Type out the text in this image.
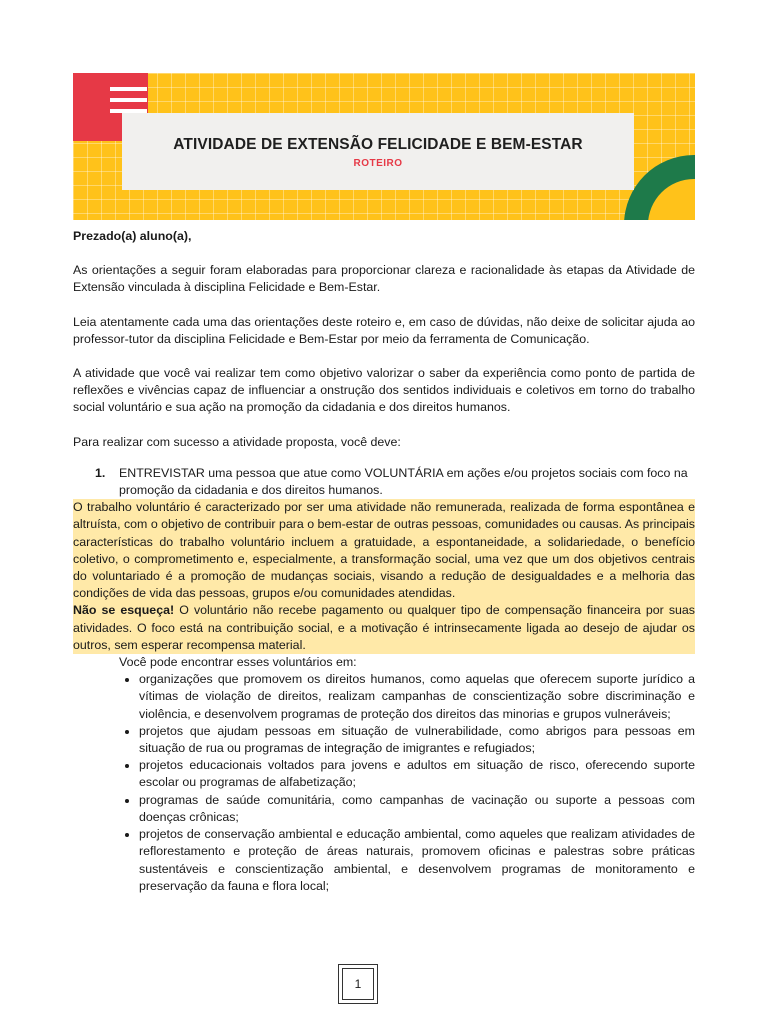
ATIVIDADE DE EXTENSÃO FELICIDADE E BEM-ESTAR
ROTEIRO

Prezado(a) aluno(a),

As orientações a seguir foram elaboradas para proporcionar clareza e racionalidade às etapas da Atividade de Extensão vinculada à disciplina Felicidade e Bem-Estar.

Leia atentamente cada uma das orientações deste roteiro e, em caso de dúvidas, não deixe de solicitar ajuda ao professor-tutor da disciplina Felicidade e Bem-Estar por meio da ferramenta de Comunicação.

A atividade que você vai realizar tem como objetivo valorizar o saber da experiência como ponto de partida de reflexões e vivências capaz de influenciar a onstrução dos sentidos individuais e coletivos em torno do trabalho social voluntário e sua ação na promoção da cidadania e dos direitos humanos.

Para realizar com sucesso a atividade proposta, você deve:

1.	ENTREVISTAR uma pessoa que atue como VOLUNTÁRIA em ações e/ou projetos sociais com foco na promoção da cidadania e dos direitos humanos.

O trabalho voluntário é caracterizado por ser uma atividade não remunerada, realizada de forma espontânea e altruísta, com o objetivo de contribuir para o bem-estar de outras pessoas, comunidades ou causas. As principais características do trabalho voluntário incluem a gratuidade, a espontaneidade, a solidariedade, o benefício coletivo, o comprometimento e, especialmente, a transformação social, uma vez que um dos objetivos centrais do voluntariado é a promoção de mudanças sociais, visando a redução de desigualdades e a melhoria das condições de vida das pessoas, grupos e/ou comunidades atendidas.

Não se esqueça! O voluntário não recebe pagamento ou qualquer tipo de compensação financeira por suas atividades. O foco está na contribuição social, e a motivação é intrinsecamente ligada ao desejo de ajudar os outros, sem esperar recompensa material.

Você pode encontrar esses voluntários em:

• organizações que promovem os direitos humanos, como aquelas que oferecem suporte jurídico a vítimas de violação de direitos, realizam campanhas de conscientização sobre discriminação e violência, e desenvolvem programas de proteção dos direitos das minorias e grupos vulneráveis;
• projetos que ajudam pessoas em situação de vulnerabilidade, como abrigos para pessoas em situação de rua ou programas de integração de imigrantes e refugiados;
• projetos educacionais voltados para jovens e adultos em situação de risco, oferecendo suporte escolar ou programas de alfabetização;
• programas de saúde comunitária, como campanhas de vacinação ou suporte a pessoas com doenças crônicas;
• projetos de conservação ambiental e educação ambiental, como aqueles que realizam atividades de reflorestamento e proteção de áreas naturais, promovem oficinas e palestras sobre práticas sustentáveis e conscientização ambiental, e desenvolvem programas de monitoramento e preservação da fauna e flora local;
1
